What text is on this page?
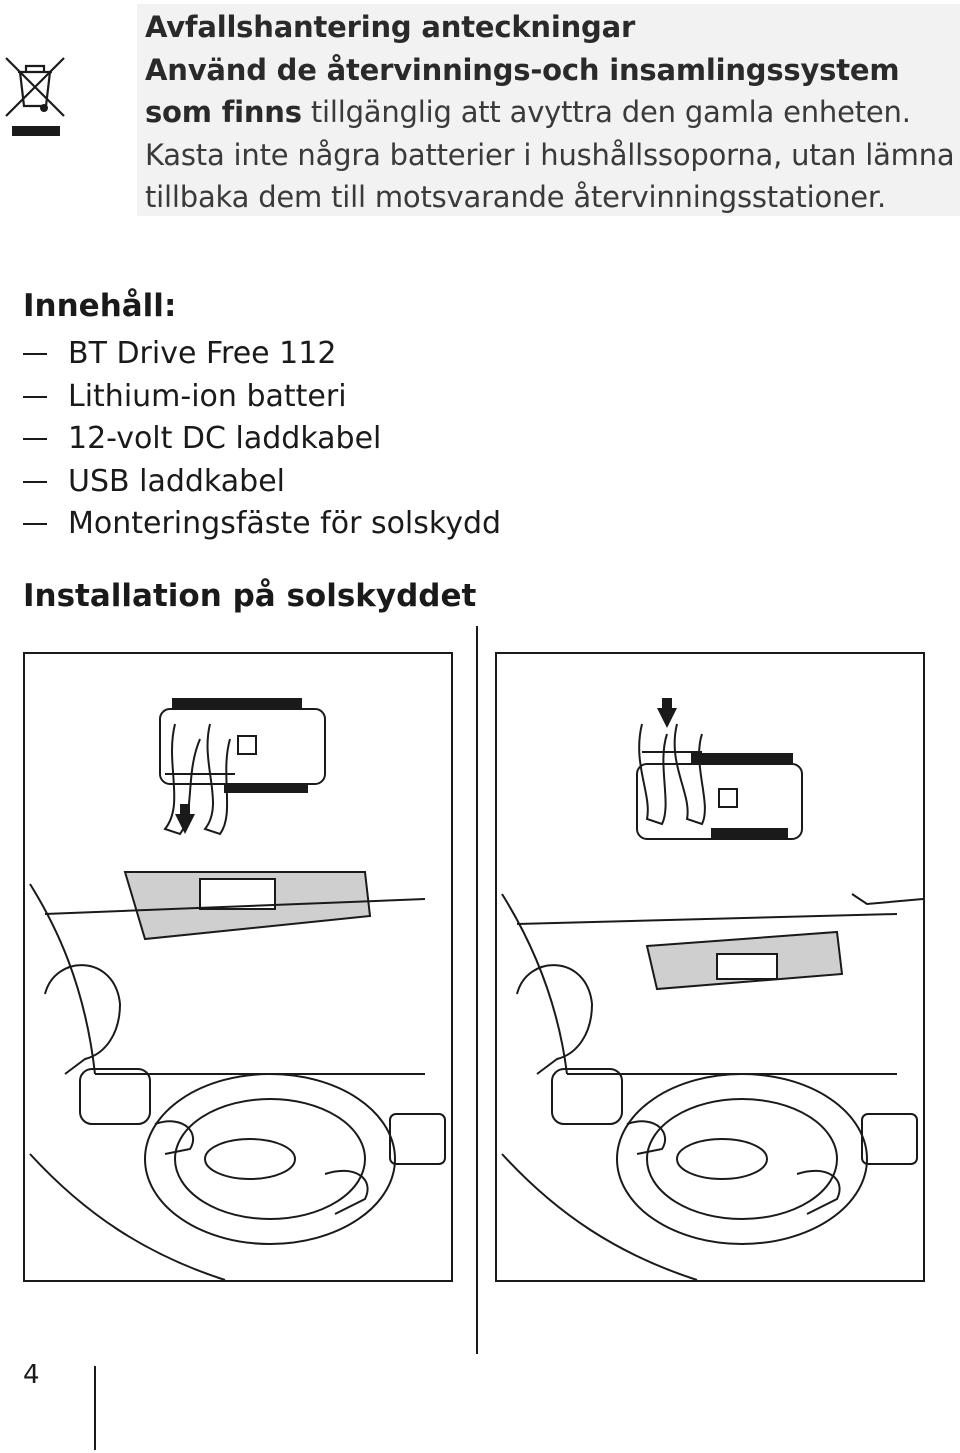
Avfallshantering anteckningar
Använd de återvinnings-och insamlingssystem som finns tillgänglig att avyttra den gamla enheten. Kasta inte några batterier i hushållssoporna, utan lämna tillbaka dem till motsvarande återvinningsstationer.
Innehåll:
BT Drive Free 112
Lithium-ion batteri
12-volt DC laddkabel
USB laddkabel
Monteringsfäste för solskydd
Installation på solskyddet
4
